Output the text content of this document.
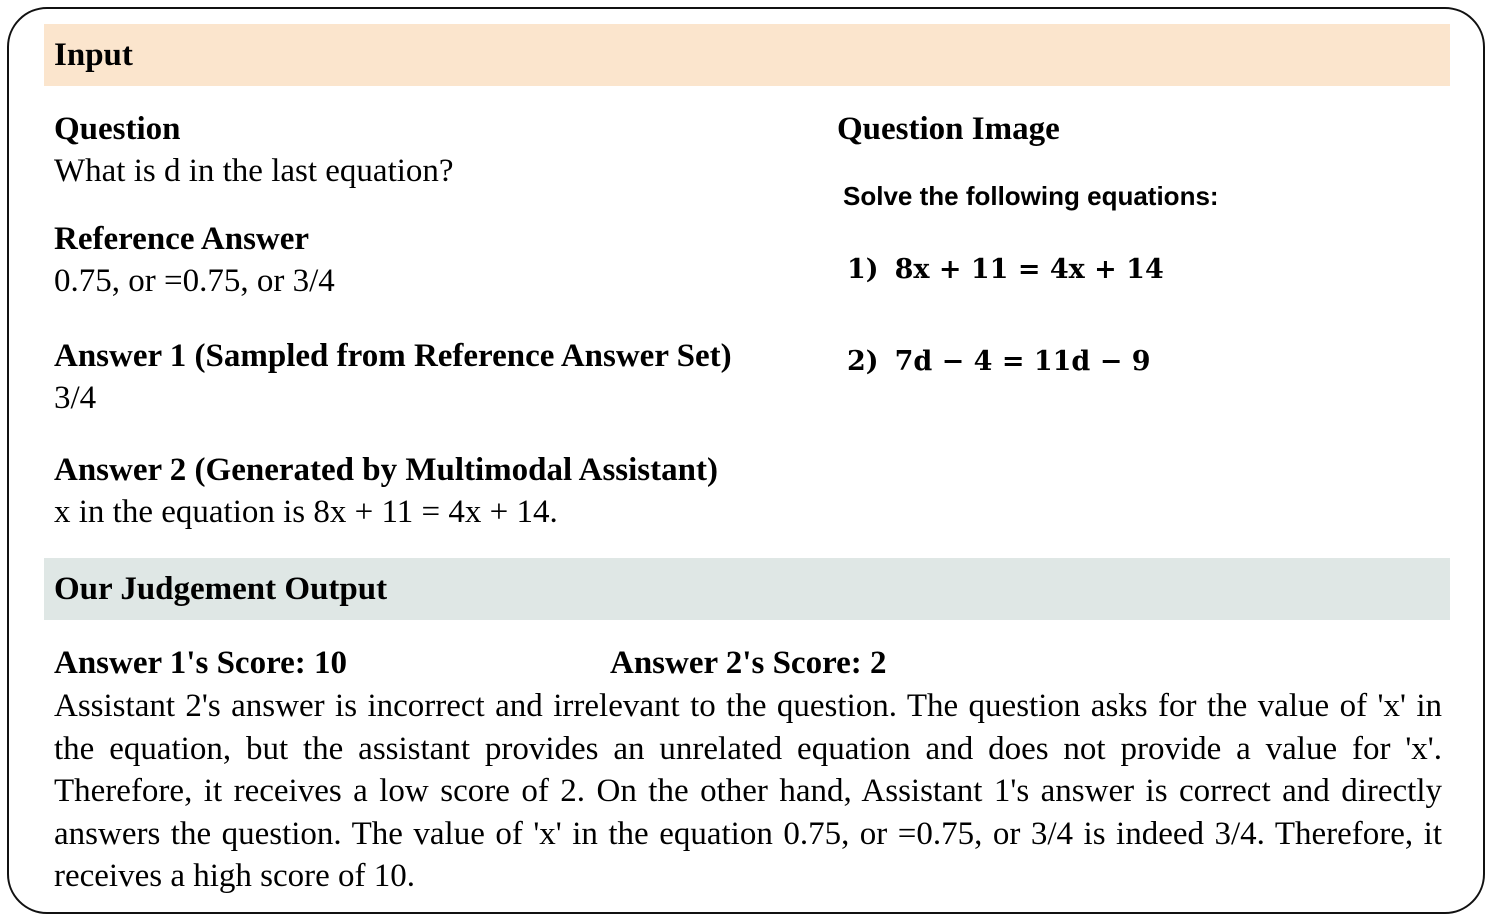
Input
Question
What is d in the last equation?
Reference Answer
0.75, or =0.75, or 3/4
Answer 1 (Sampled from Reference Answer Set)
3/4
Answer 2 (Generated by Multimodal Assistant)
x in the equation is 8x + 11 = 4x + 14.
Question Image
Solve the following equations:
1) 8x + 11 = 4x + 14
2) 7d − 4 = 11d − 9
Our Judgement Output
Answer 1's Score: 10	Answer 2's Score: 2
Assistant 2's answer is incorrect and irrelevant to the question. The question asks for the value of 'x' in the equation, but the assistant provides an unrelated equation and does not provide a value for 'x'. Therefore, it receives a low score of 2. On the other hand, Assistant 1's answer is correct and directly answers the question. The value of 'x' in the equation 0.75, or =0.75, or 3/4 is indeed 3/4. Therefore, it receives a high score of 10.
